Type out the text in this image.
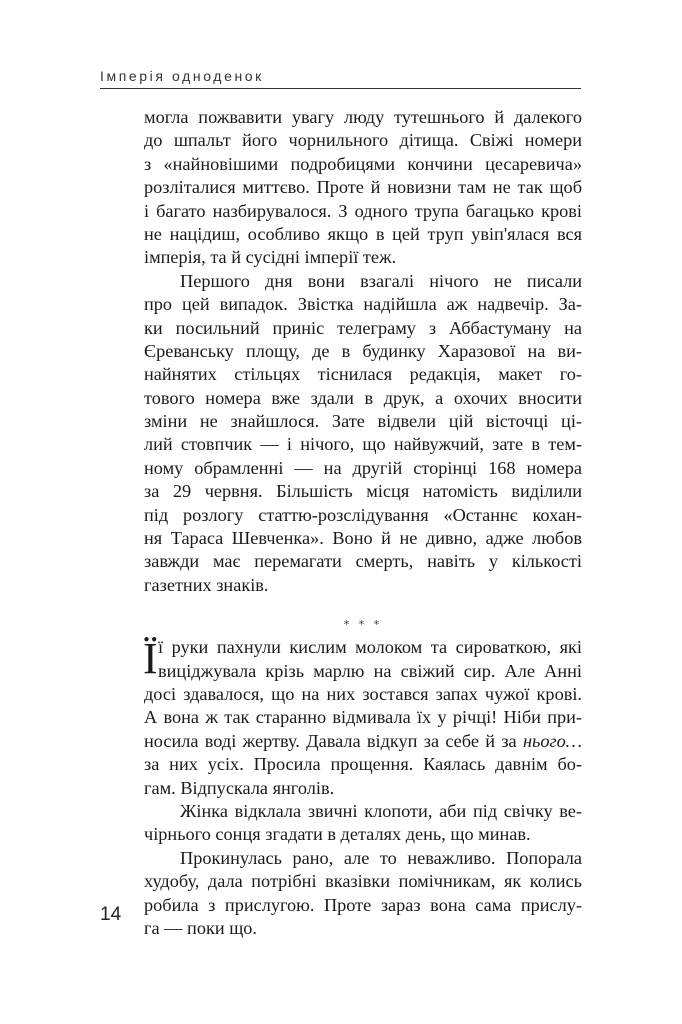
Імперія одноденок
могла пожвавити увагу люду тутешнього й далекого
до шпальт його чорнильного дітища. Свіжі номери
з «найновішими подробицями кончини цесаревича»
розліталися миттєво. Проте й новизни там не так щоб
і багато назбирувалося. З одного трупа багацько крові
не націдиш, особливо якщо в цей труп увіп'ялася вся
імперія, та й сусідні імперії теж.
Першого дня вони взагалі нічого не писали
про цей випадок. Звістка надійшла аж надвечір. За-
ки посильний приніс телеграму з Аббастуману на
Єреванську площу, де в будинку Харазової на ви-
найнятих стільцях тіснилася редакція, макет го-
тового номера вже здали в друк, а охочих вносити
зміни не знайшлося. Зате відвели цій вісточці ці-
лий стовпчик — і нічого, що найвужчий, зате в тем-
ному обрамленні — на другій сторінці 168 номера
за 29 червня. Більшість місця натомість виділили
під розлогу статтю-розслідування «Останнє кохан-
ня Тараса Шевченка». Воно й не дивно, адже любов
завжди має перемагати смерть, навіть у кількості
газетних знаків.
* * *
Ї ї руки пахнули кислим молоком та сироваткою, які
виціджувала крізь марлю на свіжий сир. Але Анні
досі здавалося, що на них зостався запах чужої крові.
А вона ж так старанно відмивала їх у річці! Ніби при-
носила воді жертву. Давала відкуп за себе й за нього…
за них усіх. Просила прощення. Каялась давнім бо-
гам. Відпускала янголів.
Жінка відклала звичні клопоти, аби під свічку ве-
чірнього сонця згадати в деталях день, що минав.
Прокинулась рано, але то неважливо. Попорала
худобу, дала потрібні вказівки помічникам, як колись
робила з прислугою. Проте зараз вона сама прислу-
га — поки що.
14
